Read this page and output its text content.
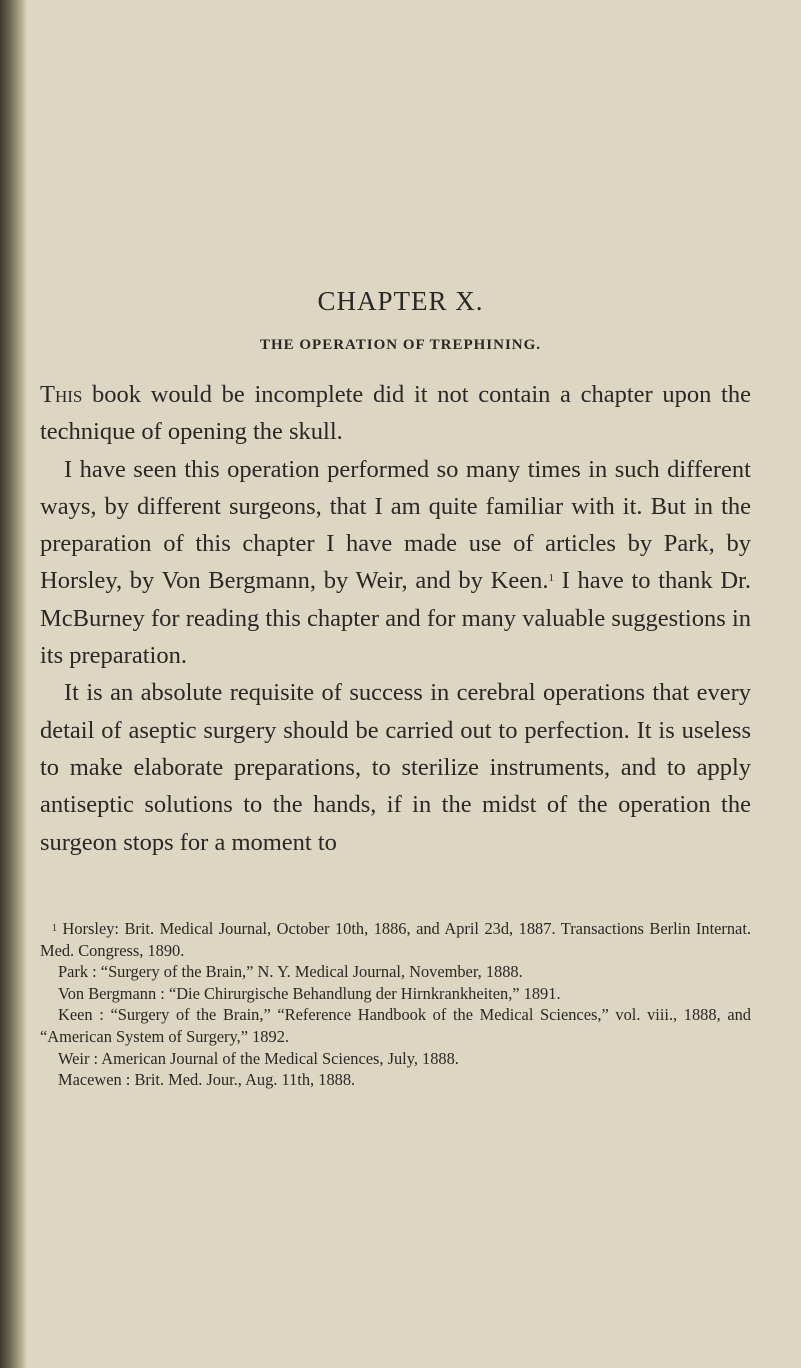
CHAPTER X.
THE OPERATION OF TREPHINING.

This book would be incomplete did it not contain a chapter upon the technique of opening the skull.

I have seen this operation performed so many times in such different ways, by different surgeons, that I am quite familiar with it. But in the preparation of this chapter I have made use of articles by Park, by Horsley, by Von Bergmann, by Weir, and by Keen.$^1$ I have to thank Dr. McBurney for reading this chapter and for many valuable suggestions in its preparation.

It is an absolute requisite of success in cerebral operations that every detail of aseptic surgery should be carried out to perfection. It is useless to make elaborate preparations, to sterilize instruments, and to apply antiseptic solutions to the hands, if in the midst of the operation the surgeon stops for a moment to

$^1$ Horsley: Brit. Medical Journal, October 10th, 1886, and April 23d, 1887. Transactions Berlin Internat. Med. Congress, 1890.

Park : “Surgery of the Brain,” N. Y. Medical Journal, November, 1888.

Von Bergmann : “Die Chirurgische Behandlung der Hirnkrankheiten,” 1891.

Keen : “Surgery of the Brain,” “Reference Handbook of the Medical Sciences,” vol. viii., 1888, and “American System of Surgery,” 1892.

Weir : American Journal of the Medical Sciences, July, 1888.

Macewen : Brit. Med. Jour., Aug. 11th, 1888.
